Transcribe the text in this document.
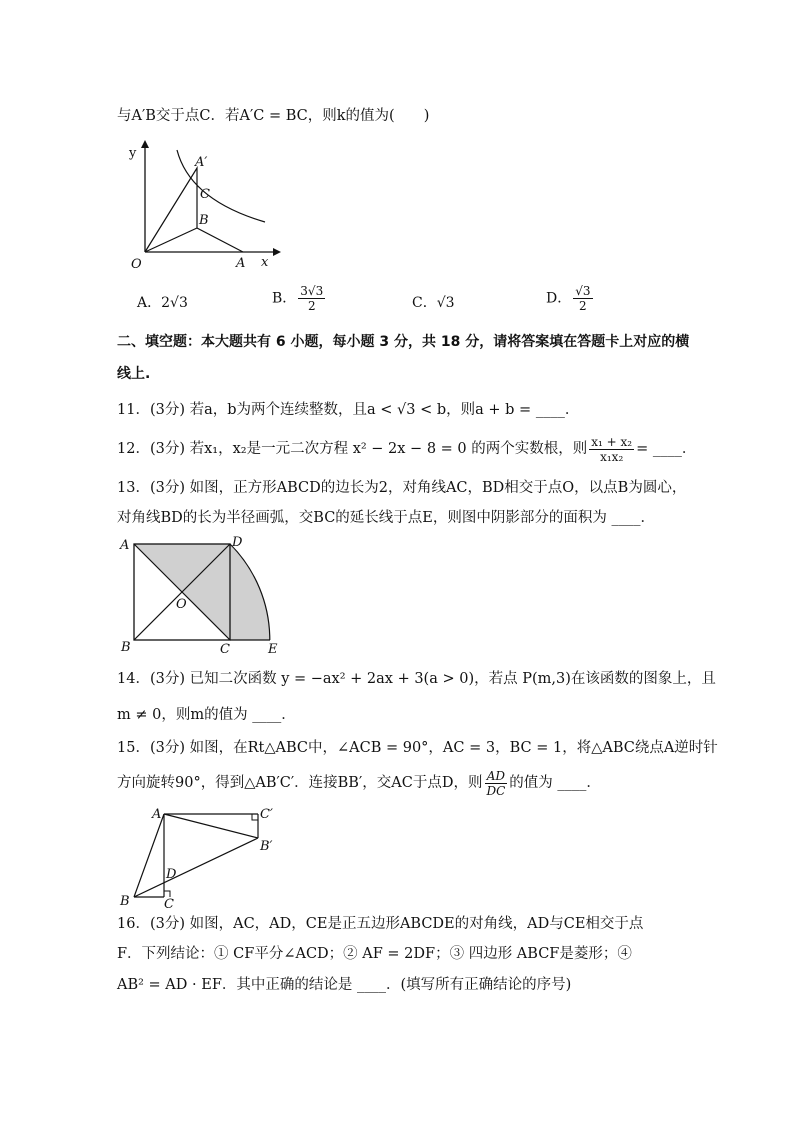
与A′B交于点C．若A′C = BC，则k的值为(　　)
y
x
O
A′
C
B
A
A．2√3	B． $\frac{3√3}{2}$	C．√3	D． $\frac{√3}{2}$
二、填空题：本大题共有 6 小题，每小题 3 分，共 18 分，请将答案填在答题卡上对应的横
线上.
11．(3分) 若a，b为两个连续整数，且a < √3 < b，则a + b = ____．
12．(3分) 若x₁，x₂是一元二次方程 x² − 2x − 8 = 0 的两个实数根，则 $\frac{\text{x₁ + x₂}}{\text{x₁x₂}}$ = ____．
13．(3分) 如图，正方形ABCD的边长为2，对角线AC，BD相交于点O，以点B为圆心，
对角线BD的长为半径画弧，交BC的延长线于点E，则图中阴影部分的面积为 ____．
A	D
O
B	C	E
14．(3分) 已知二次函数 y = −ax² + 2ax + 3(a > 0)，若点 P(m,3)在该函数的图象上，且
m ≠ 0，则m的值为 ____．
15．(3分) 如图，在Rt△ABC中，∠ACB = 90°，AC = 3，BC = 1，将△ABC绕点A逆时针
方向旋转90°，得到△AB′C′．连接BB′，交AC于点D，则 $\frac{AD}{DC}$ 的值为 ____．
A	C′
B′
D
B	C
16．(3分) 如图，AC，AD，CE是正五边形ABCDE的对角线，AD与CE相交于点
F．下列结论：① CF平分∠ACD；② AF = 2DF；③ 四边形 ABCF是菱形；④
AB² = AD · EF．其中正确的结论是 ____．(填写所有正确结论的序号)
